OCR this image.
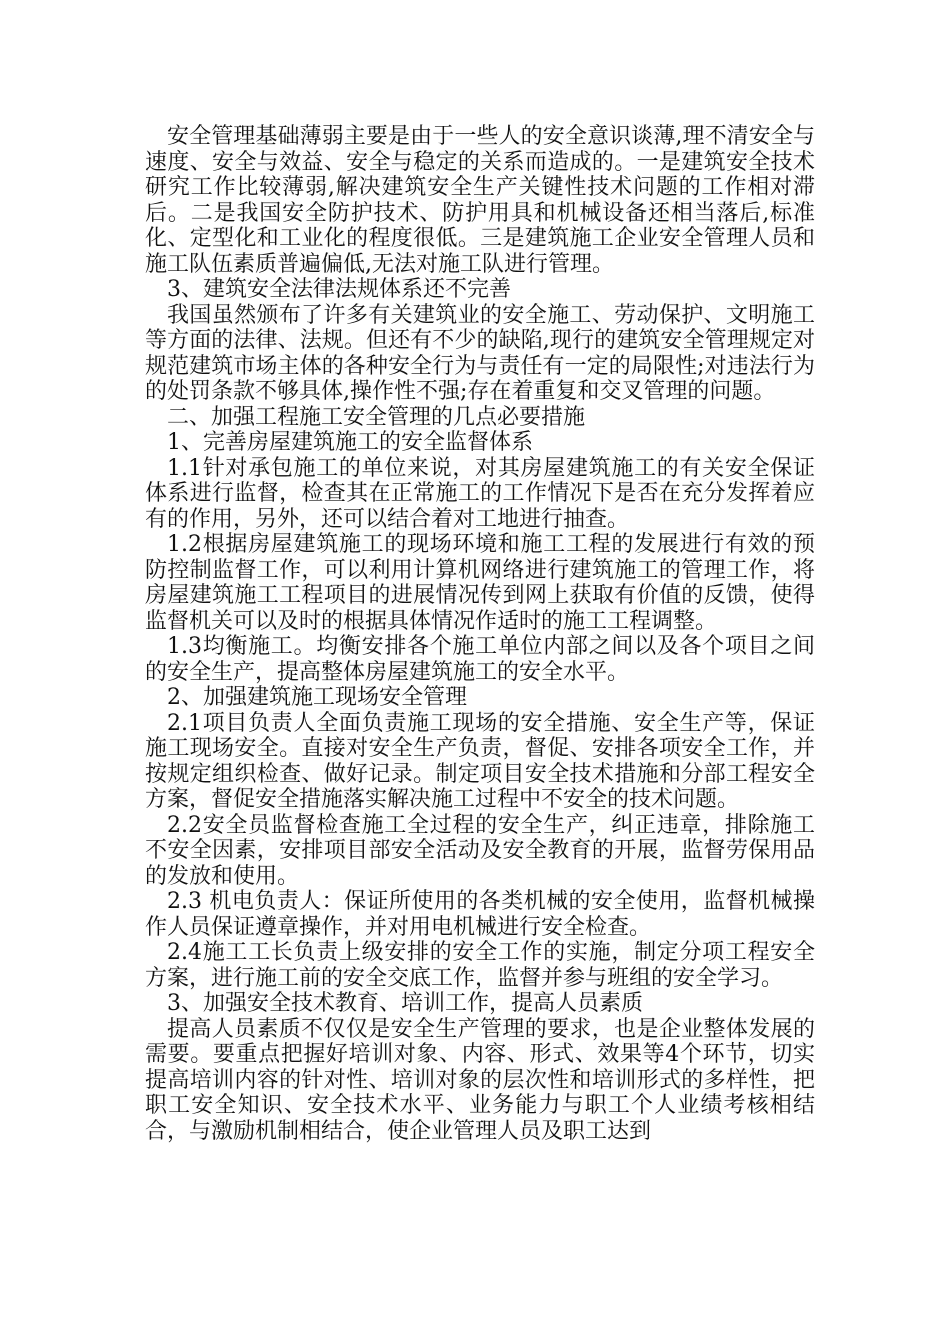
安全管理基础薄弱主要是由于一些人的安全意识谈薄,理不清安全与速度、安全与效益、安全与稳定的关系而造成的。一是建筑安全技术研究工作比较薄弱,解决建筑安全生产关键性技术问题的工作相对滞后。二是我国安全防护技术、防护用具和机械设备还相当落后,标准化、定型化和工业化的程度很低。三是建筑施工企业安全管理人员和施工队伍素质普遍偏低,无法对施工队进行管理。

3、建筑安全法律法规体系还不完善

我国虽然颁布了许多有关建筑业的安全施工、劳动保护、文明施工等方面的法律、法规。但还有不少的缺陷,现行的建筑安全管理规定对规范建筑市场主体的各种安全行为与责任有一定的局限性;对违法行为的处罚条款不够具体,操作性不强;存在着重复和交叉管理的问题。

二、加强工程施工安全管理的几点必要措施

1、完善房屋建筑施工的安全监督体系

1.1针对承包施工的单位来说，对其房屋建筑施工的有关安全保证体系进行监督，检查其在正常施工的工作情况下是否在充分发挥着应有的作用，另外，还可以结合着对工地进行抽查。

1.2根据房屋建筑施工的现场环境和施工工程的发展进行有效的预防控制监督工作，可以利用计算机网络进行建筑施工的管理工作，将房屋建筑施工工程项目的进展情况传到网上获取有价值的反馈，使得监督机关可以及时的根据具体情况作适时的施工工程调整。

1.3均衡施工。均衡安排各个施工单位内部之间以及各个项目之间的安全生产，提高整体房屋建筑施工的安全水平。

2、加强建筑施工现场安全管理

2.1项目负责人全面负责施工现场的安全措施、安全生产等，保证施工现场安全。直接对安全生产负责，督促、安排各项安全工作，并按规定组织检查、做好记录。制定项目安全技术措施和分部工程安全方案，督促安全措施落实解决施工过程中不安全的技术问题。

2.2安全员监督检查施工全过程的安全生产，纠正违章，排除施工不安全因素，安排项目部安全活动及安全教育的开展，监督劳保用品的发放和使用。

2.3 机电负责人：保证所使用的各类机械的安全使用，监督机械操作人员保证遵章操作，并对用电机械进行安全检查。

2.4施工工长负责上级安排的安全工作的实施，制定分项工程安全方案，进行施工前的安全交底工作，监督并参与班组的安全学习。

3、加强安全技术教育、培训工作，提高人员素质

提高人员素质不仅仅是安全生产管理的要求，也是企业整体发展的需要。要重点把握好培训对象、内容、形式、效果等4个环节，切实提高培训内容的针对性、培训对象的层次性和培训形式的多样性，把职工安全知识、安全技术水平、业务能力与职工个人业绩考核相结合，与激励机制相结合，使企业管理人员及职工达到
